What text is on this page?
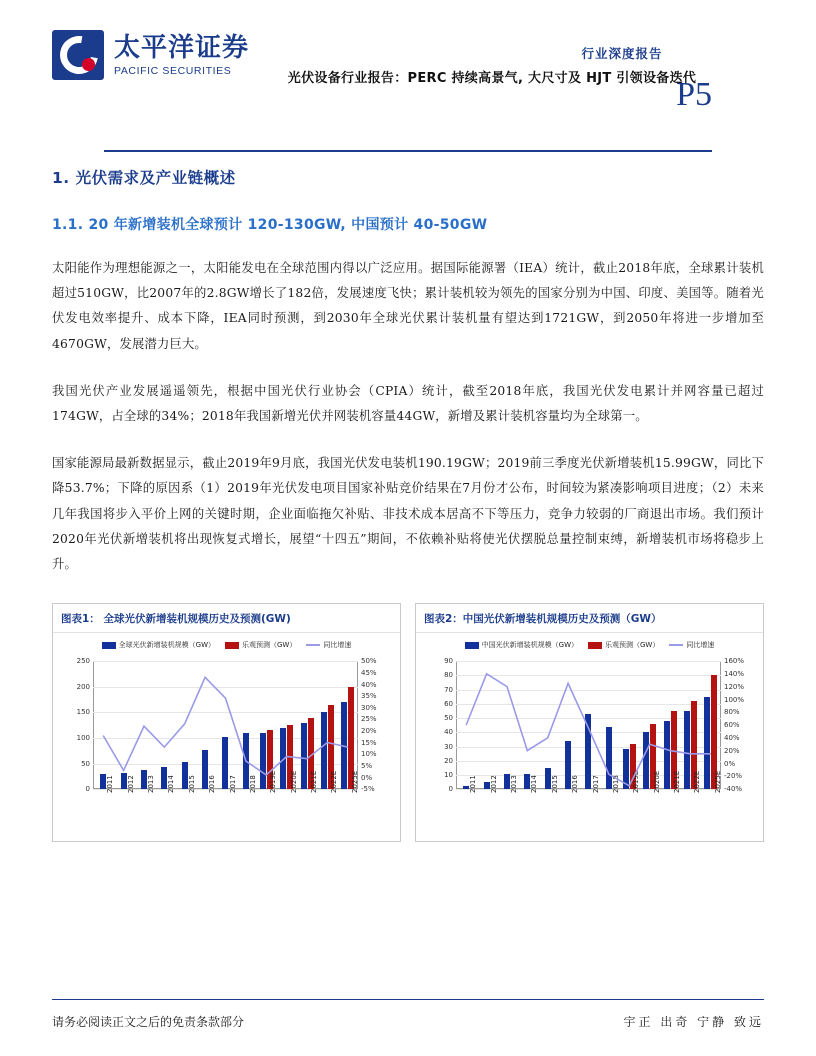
太平洋证券
PACIFIC SECURITIES
行业深度报告
光伏设备行业报告：PERC 持续高景气, 大尺寸及 HJT 引领设备迭代
P5
1. 光伏需求及产业链概述
1.1. 20 年新增装机全球预计 120-130GW, 中国预计 40-50GW

太阳能作为理想能源之一，太阳能发电在全球范围内得以广泛应用。据国际能源署（IEA）统计，截止2018年底，全球累计装机超过510GW，比2007年的2.8GW增长了182倍，发展速度飞快；累计装机较为领先的国家分别为中国、印度、美国等。随着光伏发电效率提升、成本下降，IEA同时预测，到2030年全球光伏累计装机量有望达到1721GW，到2050年将进一步增加至4670GW，发展潜力巨大。

我国光伏产业发展遥遥领先，根据中国光伏行业协会（CPIA）统计，截至2018年底，我国光伏发电累计并网容量已超过174GW，占全球的34%；2018年我国新增光伏并网装机容量44GW，新增及累计装机容量均为全球第一。

国家能源局最新数据显示，截止2019年9月底，我国光伏发电装机190.19GW；2019前三季度光伏新增装机15.99GW，同比下降53.7%；下降的原因系（1）2019年光伏发电项目国家补贴竞价结果在7月份才公布，时间较为紧凑影响项目进度；（2）未来几年我国将步入平价上网的关键时期，企业面临拖欠补贴、非技术成本居高不下等压力，竞争力较弱的厂商退出市场。我们预计2020年光伏新增装机将出现恢复式增长，展望“十四五”期间，不依赖补贴将使光伏摆脱总量控制束缚，新增装机市场将稳步上升。

图表1： 全球光伏新增装机规模历史及预测(GW)
全球光伏新增装机规模（GW）	乐观预测（GW）	同比增速
0
50
100
150
200
250
-5%
0%
5%
10%
15%
20%
25%
30%
35%
40%
45%
50%
2011 2012 2013 2014 2015 2016 2017 2018 2019E 2020E 2021E 2022E 2025E
图表2：中国光伏新增装机规模历史及预测（GW）
中国光伏新增装机规模（GW）	乐观预测（GW）	同比增速
0
10
20
30
40
50
60
70
80
90
-40%
-20%
0%
20%
40%
60%
80%
100%
120%
140%
160%
2011 2012 2013 2014 2015 2016 2017 2018 2019E 2020E 2021E 2022E 2025E
请务必阅读正文之后的免责条款部分	宇正 出奇 宁静 致远
